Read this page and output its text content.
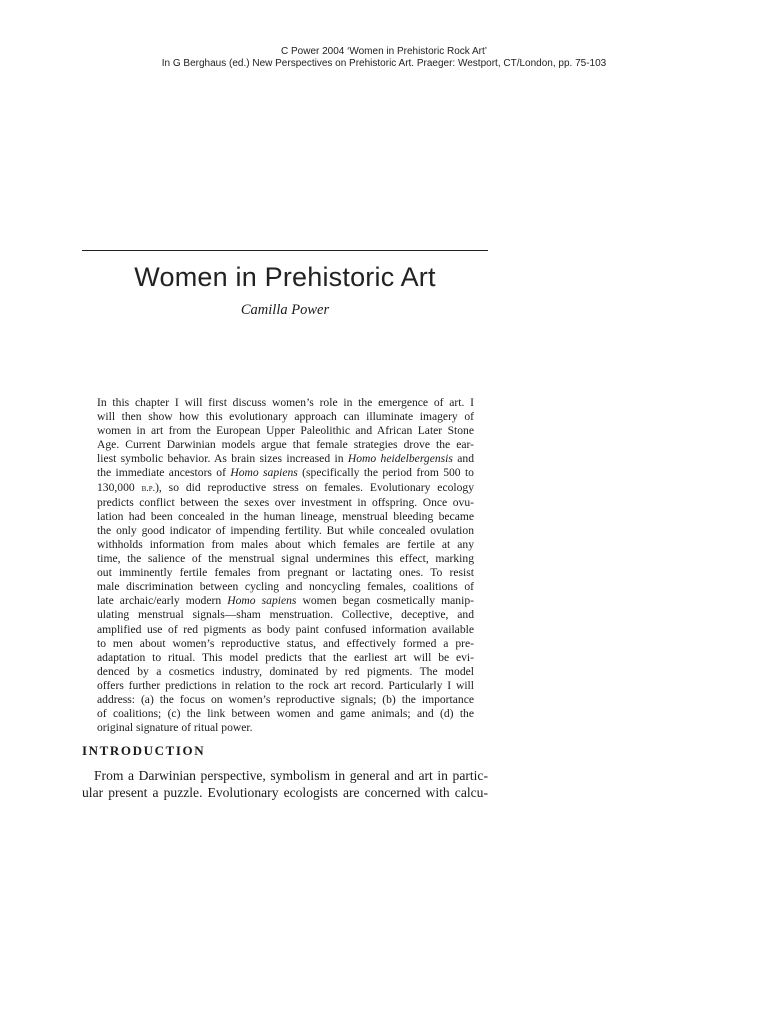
C Power 2004 ‘Women in Prehistoric Rock Art’
In G Berghaus (ed.) New Perspectives on Prehistoric Art. Praeger: Westport, CT/London, pp. 75-103
Women in Prehistoric Art
Camilla Power
In this chapter I will first discuss women’s role in the emergence of art. I
will then show how this evolutionary approach can illuminate imagery of
women in art from the European Upper Paleolithic and African Later Stone
Age. Current Darwinian models argue that female strategies drove the ear-
liest symbolic behavior. As brain sizes increased in Homo heidelbergensis and
the immediate ancestors of Homo sapiens (specifically the period from 500 to
130,000 b.p.), so did reproductive stress on females. Evolutionary ecology
predicts conflict between the sexes over investment in offspring. Once ovu-
lation had been concealed in the human lineage, menstrual bleeding became
the only good indicator of impending fertility. But while concealed ovulation
withholds information from males about which females are fertile at any
time, the salience of the menstrual signal undermines this effect, marking
out imminently fertile females from pregnant or lactating ones. To resist
male discrimination between cycling and noncycling females, coalitions of
late archaic/early modern Homo sapiens women began cosmetically manip-
ulating menstrual signals—sham menstruation. Collective, deceptive, and
amplified use of red pigments as body paint confused information available
to men about women’s reproductive status, and effectively formed a pre-
adaptation to ritual. This model predicts that the earliest art will be evi-
denced by a cosmetics industry, dominated by red pigments. The model
offers further predictions in relation to the rock art record. Particularly I will
address: (a) the focus on women’s reproductive signals; (b) the importance
of coalitions; (c) the link between women and game animals; and (d) the
original signature of ritual power.
INTRODUCTION
From a Darwinian perspective, symbolism in general and art in partic-
ular present a puzzle. Evolutionary ecologists are concerned with calcu-
